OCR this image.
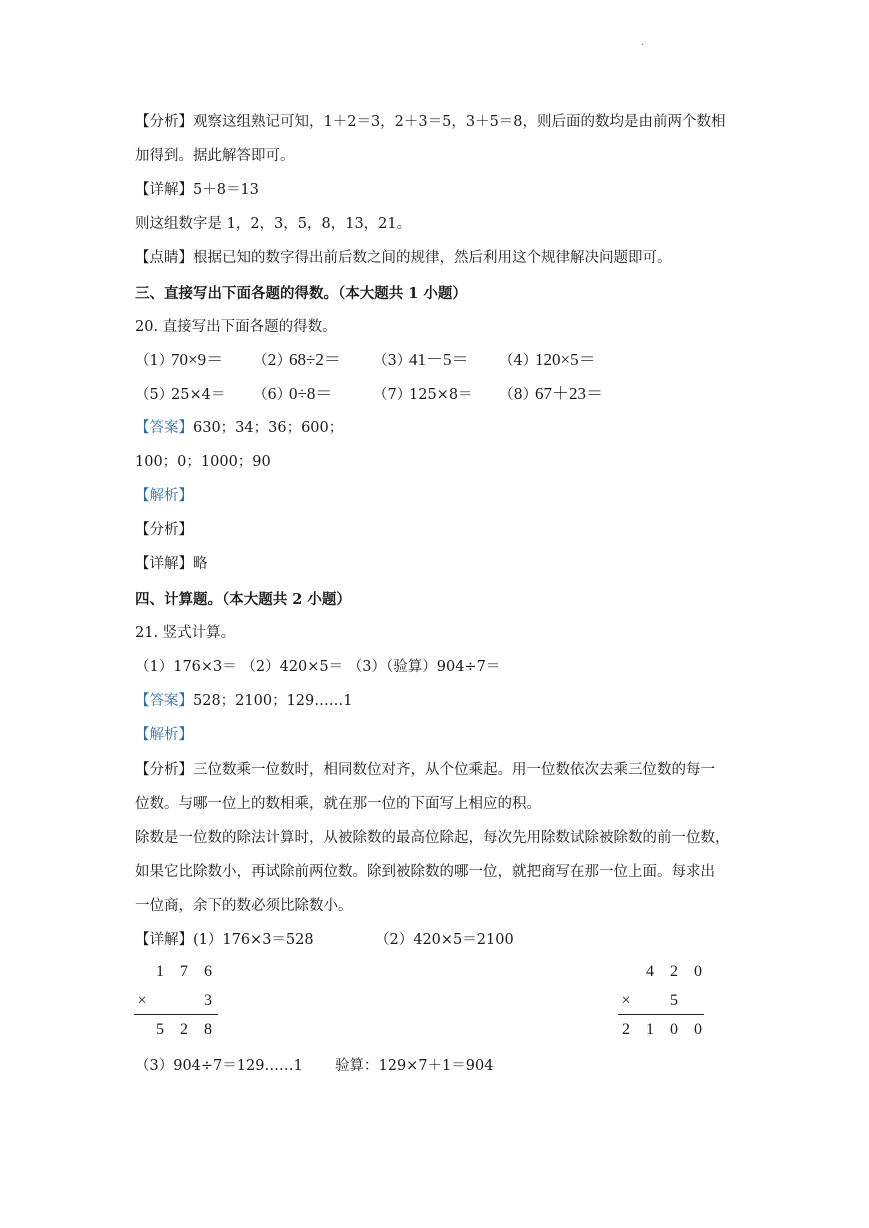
·
【分析】观察这组熟记可知，1＋2＝3，2＋3＝5，3＋5＝8，则后面的数均是由前两个数相
加得到。据此解答即可。
【详解】5＋8＝13
则这组数字是 1，2，3，5，8，13，21。
【点睛】根据已知的数字得出前后数之间的规律，然后利用这个规律解决问题即可。
三、直接写出下面各题的得数。（本大题共 1 小题）
20. 直接写出下面各题的得数。
（1）70×9＝ （2）68÷2＝ （3）41－5＝ （4）120×5＝
（5）25×4＝ （6）0÷8＝	（7）125×8＝ （8）67＋23＝
【答案】630；34；36；600；
100；0；1000；90
【解析】
【分析】
【详解】略
四、计算题。（本大题共 2 小题）
21. 竖式计算。
（1）176×3＝ （2）420×5＝ （3）（验算）904÷7＝
【答案】528；2100；129……1
【解析】
【分析】三位数乘一位数时，相同数位对齐，从个位乘起。用一位数依次去乘三位数的每一
位数。与哪一位上的数相乘，就在那一位的下面写上相应的积。
除数是一位数的除法计算时，从被除数的最高位除起，每次先用除数试除被除数的前一位数，
如果它比除数小，再试除前两位数。除到被除数的哪一位，就把商写在那一位上面。每求出
一位商，余下的数必须比除数小。
【详解】(1）176×3＝528	（2）420×5＝2100
1	7	6
×	3
5	2	8
4	2	0
×	5
2	1	0	0
（3）904÷7＝129……1 验算：129×7＋1＝904
